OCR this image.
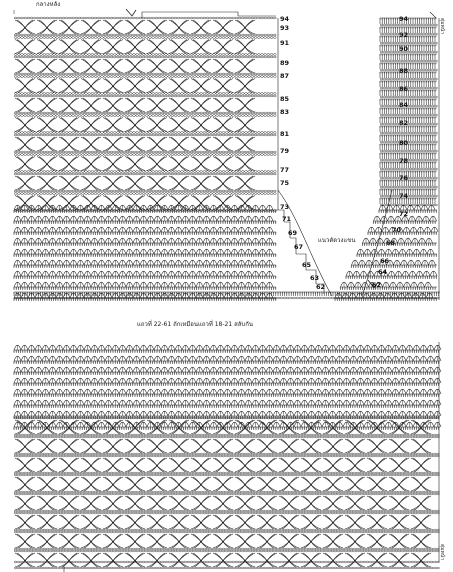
กลางหลัง
แนวตัดวงแขน
แถวที่ 22-61 ถักเหมือนแถวที่ 18-21 สลับกัน
ตุ่มหน้า
ตุ่มหน้า
94
93
91
89
87
85
83
81
79
77
75
73
71
69
67
65
63
62
94
92
90
88
86
84
82
80
78
76
74
72
70
68
66
64
62
